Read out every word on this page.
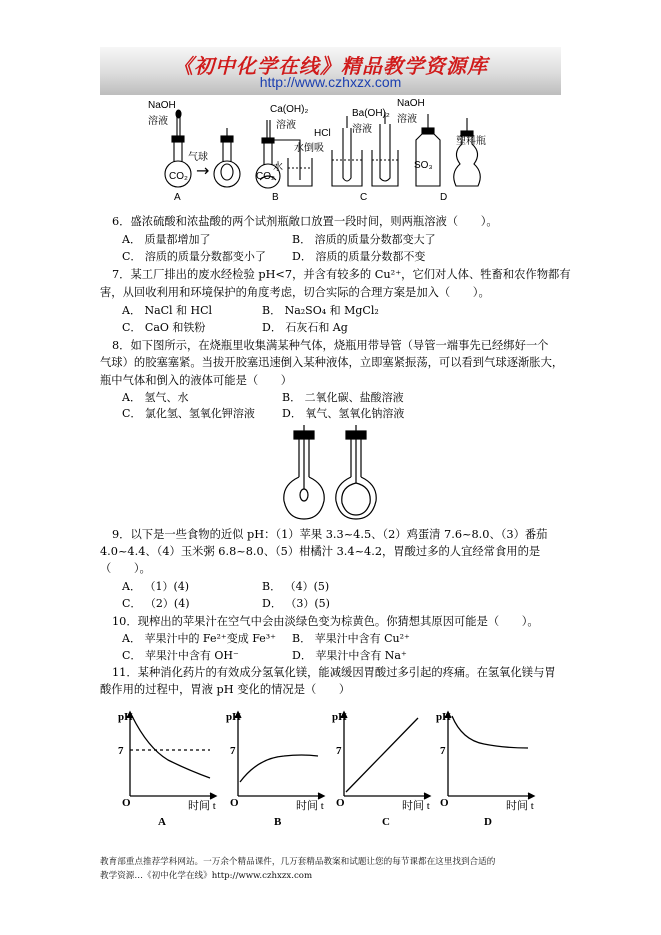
《初中化学在线》精品教学资源库
http://www.czhxzx.com
→
NaOH
溶液
气球
CO₂
Ca(OH)₂
溶液
水倒吸
CO₂
水
Ba(OH)₂
溶液
HCl
NaOH
溶液
塑料瓶
SO₃
A	B	C	D
6．盛浓硫酸和浓盐酸的两个试剂瓶敞口放置一段时间，则两瓶溶液（　　）。
A． 质量都增加了	B． 溶质的质量分数都变大了
C． 溶质的质量分数都变小了 D． 溶质的质量分数都不变
7．某工厂排出的废水经检验 pH<7，并含有较多的 Cu²⁺，它们对人体、牲畜和农作物都有
害，从回收利用和环境保护的角度考虑，切合实际的合理方案是加入（　　）。
A． NaCl 和 HCl	B． Na₂SO₄ 和 MgCl₂
C． CaO 和铁粉	D． 石灰石和 Ag
8．如下图所示，在烧瓶里收集满某种气体，烧瓶用带导管（导管一端事先已经绑好一个
气球）的胶塞塞紧。当拔开胶塞迅速倒入某种液体，立即塞紧振荡，可以看到气球逐渐胀大，
瓶中气体和倒入的液体可能是（　　）
A． 氢气、水	B． 二氧化碳、盐酸溶液
C． 氯化氢、氢氧化钾溶液 D． 氧气、氢氧化钠溶液
9．以下是一些食物的近似 pH：（1）苹果 3.3~4.5、（2）鸡蛋清 7.6~8.0、（3）番茄
4.0~4.4、（4）玉米粥 6.8~8.0、（5）柑橘汁 3.4~4.2，胃酸过多的人宜经常食用的是
（　　）。
A． （1）(4)	B． （4）(5)
C． （2）(4)	D． （3）(5)
10．现榨出的苹果汁在空气中会由淡绿色变为棕黄色。你猜想其原因可能是（　　）。
A． 苹果汁中的 Fe²⁺变成 Fe³⁺ B． 苹果汁中含有 Cu²⁺
C． 苹果汁中含有 OH⁻	D． 苹果汁中含有 Na⁺
11．某种消化药片的有效成分氢氧化镁，能减缓因胃酸过多引起的疼痛。在氢氧化镁与胃
酸作用的过程中，胃液 pH 变化的情况是（　　）
pH
7
O	时间 t
A
pH
7
O	时间 t
B
pH
7
O	时间 t
C
pH
7
O	时间 t
D
教育部重点推荐学科网站。一万余个精品课件，几万套精品教案和试题让您的每节课都在这里找到合适的
教学资源…《初中化学在线》http://www.czhxzx.com
